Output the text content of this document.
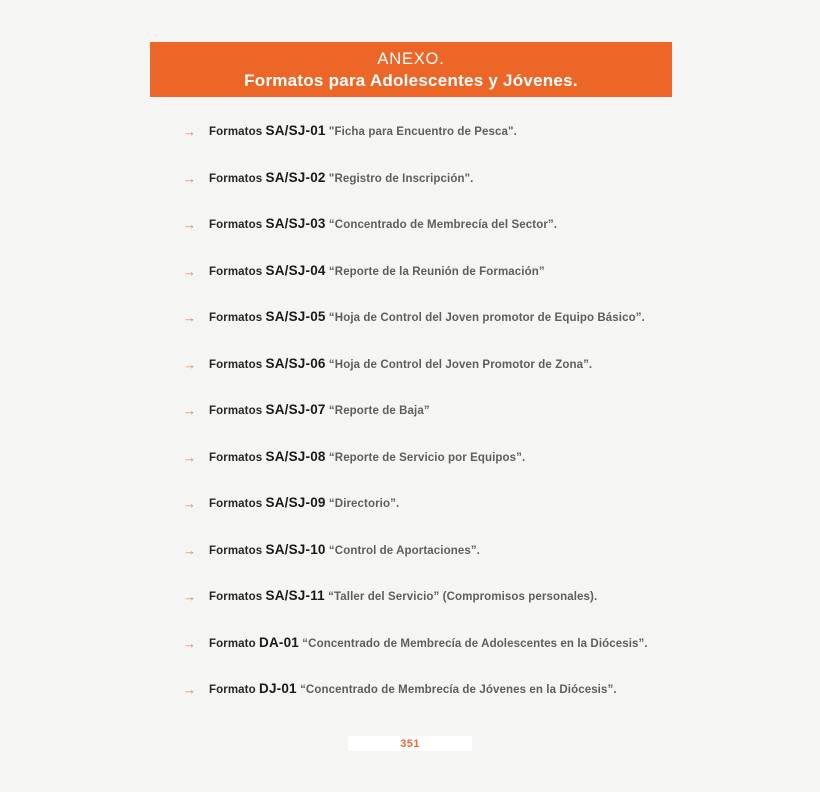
ANEXO.
Formatos para Adolescentes y Jóvenes.
→	Formatos SA/SJ-01 "Ficha para Encuentro de Pesca".
→	Formatos SA/SJ-02 "Registro de Inscripción".
→	Formatos SA/SJ-03 “Concentrado de Membrecía del Sector”.
→	Formatos SA/SJ-04 “Reporte de la Reunión de Formación”
→	Formatos SA/SJ-05 “Hoja de Control del Joven promotor de Equipo Básico”.
→	Formatos SA/SJ-06 “Hoja de Control del Joven Promotor de Zona”.
→	Formatos SA/SJ-07 “Reporte de Baja”
→	Formatos SA/SJ-08 “Reporte de Servicio por Equipos”.
→	Formatos SA/SJ-09 “Directorio”.
→	Formatos SA/SJ-10 “Control de Aportaciones”.
→	Formatos SA/SJ-11 “Taller del Servicio” (Compromisos personales).
→	Formato DA-01 “Concentrado de Membrecía de Adolescentes en la Diócesis”.
→	Formato DJ-01 “Concentrado de Membrecía de Jóvenes en la Diócesis”.
351
